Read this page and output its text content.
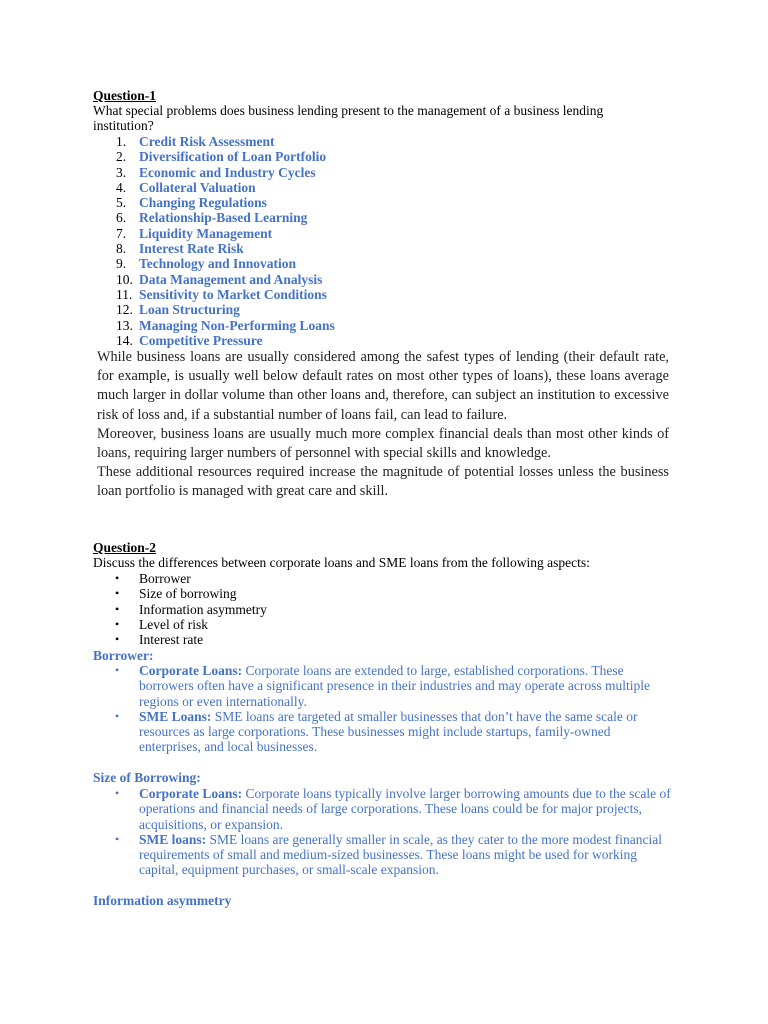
Question-1
What special problems does business lending present to the management of a business lending institution?
1. Credit Risk Assessment
2. Diversification of Loan Portfolio
3. Economic and Industry Cycles
4. Collateral Valuation
5. Changing Regulations
6. Relationship-Based Learning
7. Liquidity Management
8. Interest Rate Risk
9. Technology and Innovation
10. Data Management and Analysis
11. Sensitivity to Market Conditions
12. Loan Structuring
13. Managing Non-Performing Loans
14. Competitive Pressure

While business loans are usually considered among the safest types of lending (their default rate, for example, is usually well below default rates on most other types of loans), these loans average much larger in dollar volume than other loans and, therefore, can subject an institution to excessive risk of loss and, if a substantial number of loans fail, can lead to failure.

Moreover, business loans are usually much more complex financial deals than most other kinds of loans, requiring larger numbers of personnel with special skills and knowledge.

These additional resources required increase the magnitude of potential losses unless the business loan portfolio is managed with great care and skill.

Question-2
Discuss the differences between corporate loans and SME loans from the following aspects:
• Borrower
• Size of borrowing
• Information asymmetry
• Level of risk
• Interest rate
Borrower:
• Corporate Loans: Corporate loans are extended to large, established corporations. These borrowers often have a significant presence in their industries and may operate across multiple regions or even internationally.
• SME Loans: SME loans are targeted at smaller businesses that don’t have the same scale or resources as large corporations. These businesses might include startups, family-owned enterprises, and local businesses.
Size of Borrowing:
• Corporate Loans: Corporate loans typically involve larger borrowing amounts due to the scale of operations and financial needs of large corporations. These loans could be for major projects, acquisitions, or expansion.
• SME loans: SME loans are generally smaller in scale, as they cater to the more modest financial requirements of small and medium-sized businesses. These loans might be used for working capital, equipment purchases, or small-scale expansion.
Information asymmetry
